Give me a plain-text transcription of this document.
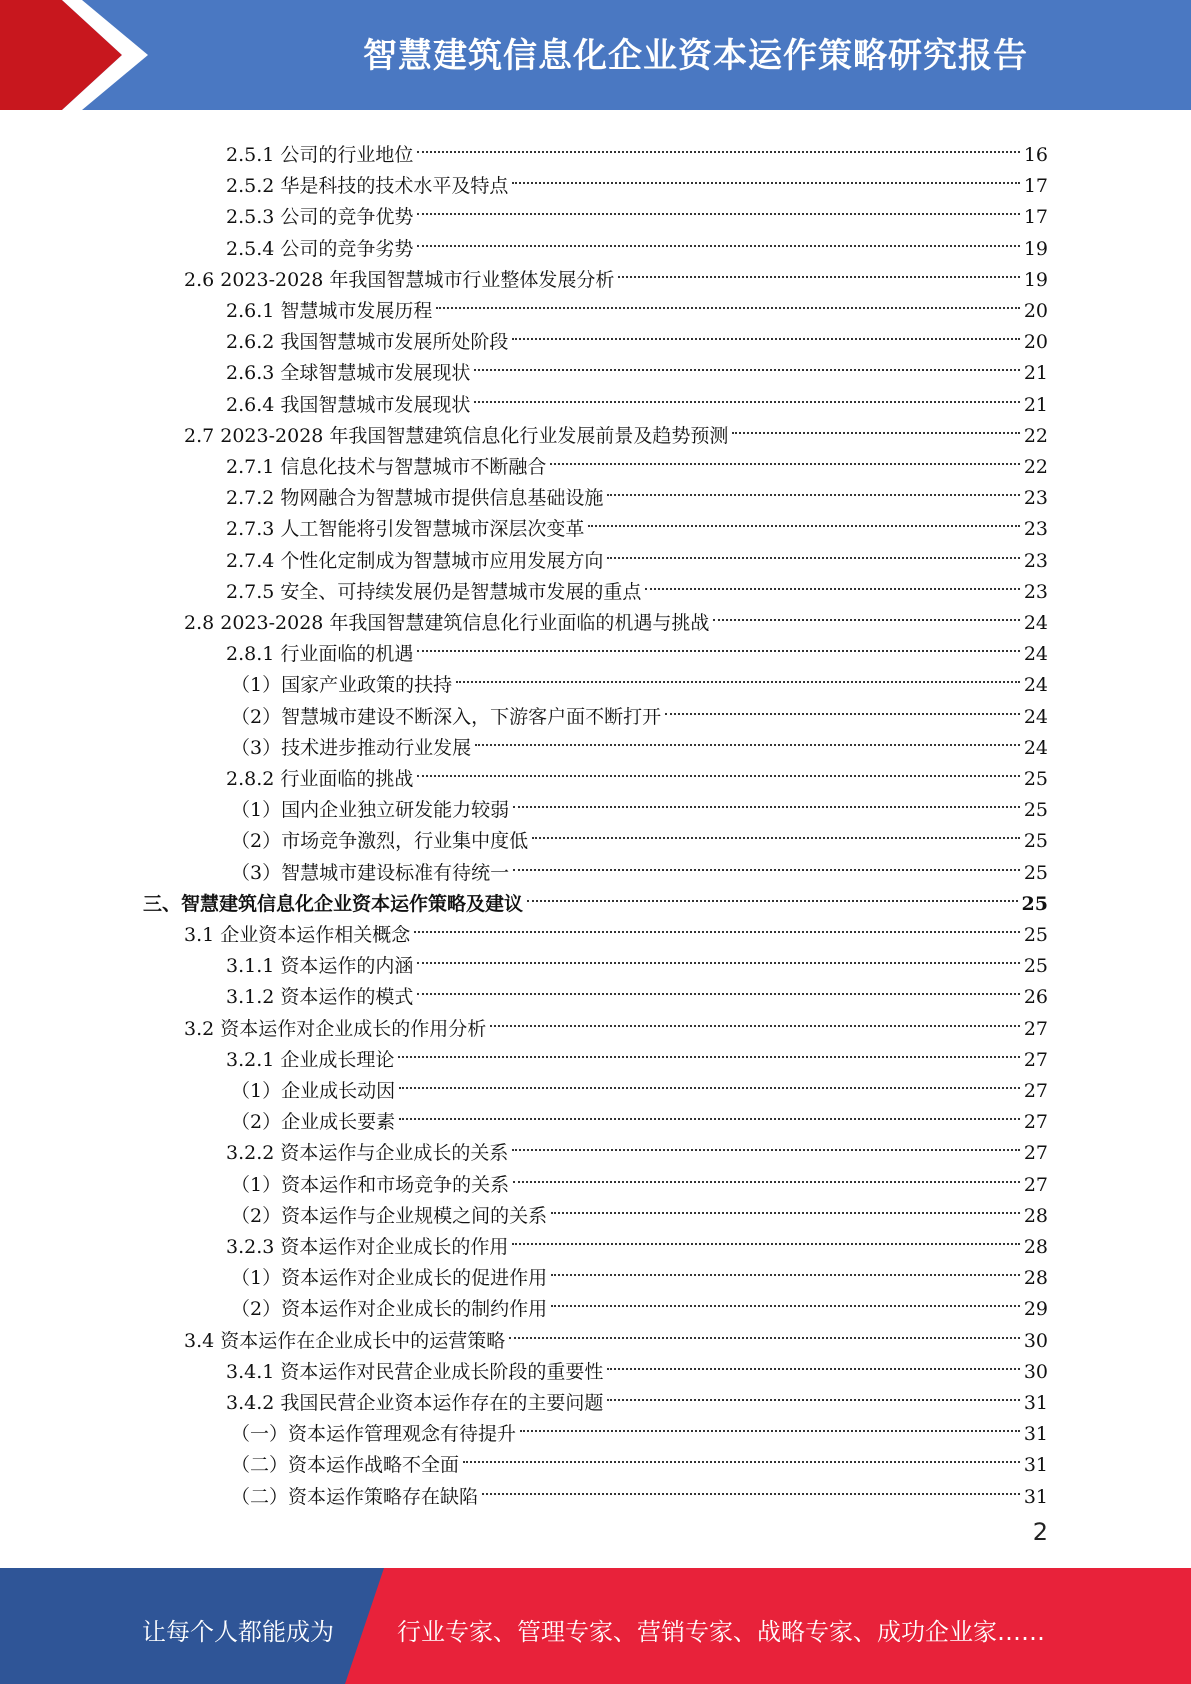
智慧建筑信息化企业资本运作策略研究报告
2.5.1 公司的行业地位	16
2.5.2 华是科技的技术水平及特点	17
2.5.3 公司的竞争优势	17
2.5.4 公司的竞争劣势	19
2.6 2023-2028 年我国智慧城市行业整体发展分析	19
2.6.1 智慧城市发展历程	20
2.6.2 我国智慧城市发展所处阶段	20
2.6.3 全球智慧城市发展现状	21
2.6.4 我国智慧城市发展现状	21
2.7 2023-2028 年我国智慧建筑信息化行业发展前景及趋势预测	22
2.7.1 信息化技术与智慧城市不断融合	22
2.7.2 物网融合为智慧城市提供信息基础设施	23
2.7.3 人工智能将引发智慧城市深层次变革	23
2.7.4 个性化定制成为智慧城市应用发展方向	23
2.7.5 安全、可持续发展仍是智慧城市发展的重点	23
2.8 2023-2028 年我国智慧建筑信息化行业面临的机遇与挑战	24
2.8.1 行业面临的机遇	24
（1）国家产业政策的扶持	24
（2）智慧城市建设不断深入，下游客户面不断打开	24
（3）技术进步推动行业发展	24
2.8.2 行业面临的挑战	25
（1）国内企业独立研发能力较弱	25
（2）市场竞争激烈，行业集中度低	25
（3）智慧城市建设标准有待统一	25
三、智慧建筑信息化企业资本运作策略及建议	25
3.1 企业资本运作相关概念	25
3.1.1 资本运作的内涵	25
3.1.2 资本运作的模式	26
3.2 资本运作对企业成长的作用分析	27
3.2.1 企业成长理论	27
（1）企业成长动因	27
（2）企业成长要素	27
3.2.2 资本运作与企业成长的关系	27
（1）资本运作和市场竞争的关系	27
（2）资本运作与企业规模之间的关系	28
3.2.3 资本运作对企业成长的作用	28
（1）资本运作对企业成长的促进作用	28
（2）资本运作对企业成长的制约作用	29
3.4 资本运作在企业成长中的运营策略	30
3.4.1 资本运作对民营企业成长阶段的重要性	30
3.4.2 我国民营企业资本运作存在的主要问题	31
（一）资本运作管理观念有待提升	31
（二）资本运作战略不全面	31
（二）资本运作策略存在缺陷	31
2
让每个人都能成为	行业专家、管理专家、营销专家、战略专家、成功企业家……
